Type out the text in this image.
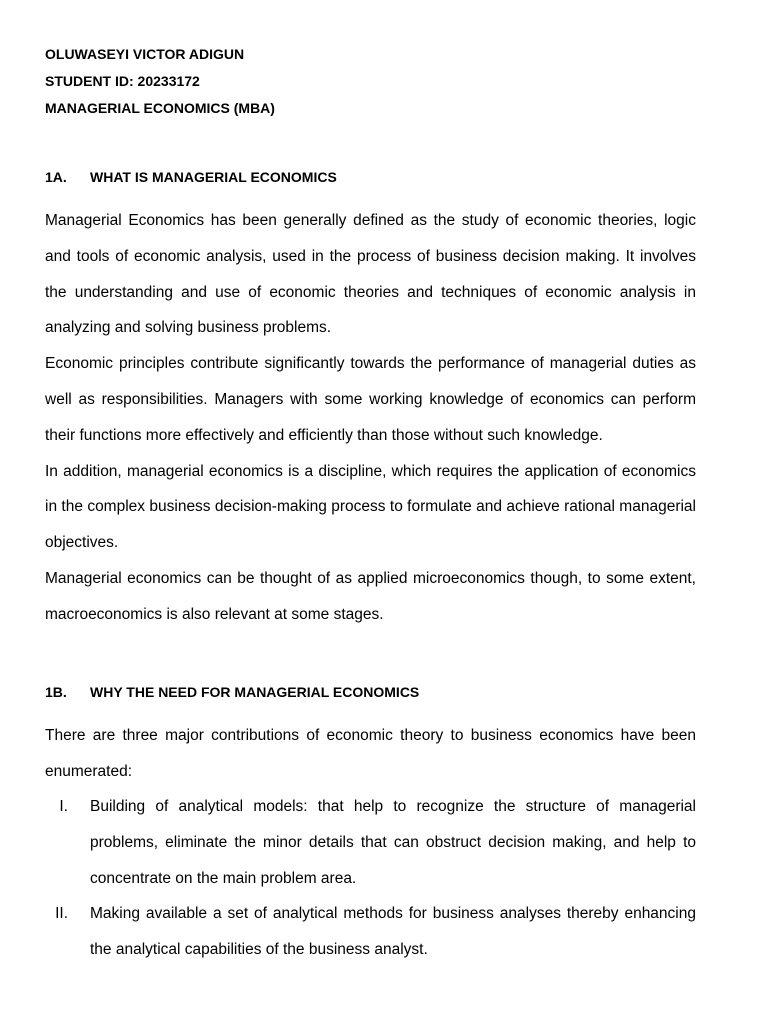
OLUWASEYI VICTOR ADIGUN
STUDENT ID: 20233172
MANAGERIAL ECONOMICS (MBA)
1A. WHAT IS MANAGERIAL ECONOMICS

Managerial Economics has been generally defined as the study of economic theories, logic and tools of economic analysis, used in the process of business decision making. It involves the understanding and use of economic theories and techniques of economic analysis in analyzing and solving business problems.

Economic principles contribute significantly towards the performance of managerial duties as well as responsibilities. Managers with some working knowledge of economics can perform their functions more effectively and efficiently than those without such knowledge.

In addition, managerial economics is a discipline, which requires the application of economics in the complex business decision-making process to formulate and achieve rational managerial objectives.

Managerial economics can be thought of as applied microeconomics though, to some extent, macroeconomics is also relevant at some stages.

1B. WHY THE NEED FOR MANAGERIAL ECONOMICS

There are three major contributions of economic theory to business economics have been enumerated:

I. Building of analytical models: that help to recognize the structure of managerial problems, eliminate the minor details that can obstruct decision making, and help to concentrate on the main problem area.
II. Making available a set of analytical methods for business analyses thereby enhancing the analytical capabilities of the business analyst.
